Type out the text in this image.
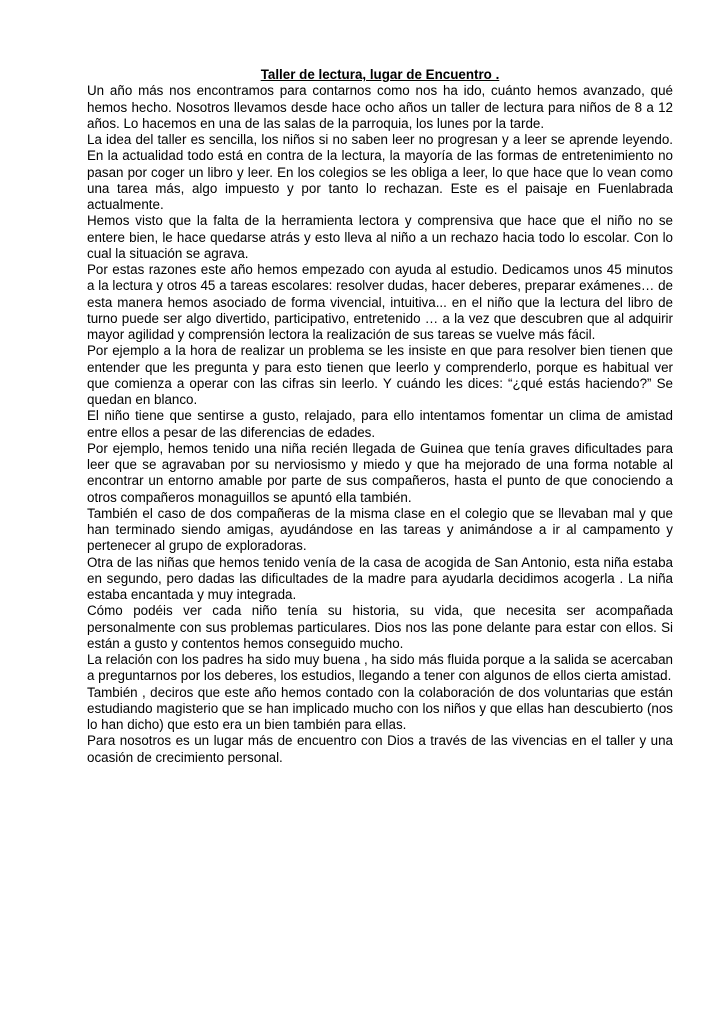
Taller de lectura, lugar de Encuentro .

Un año más nos encontramos para contarnos como nos ha ido, cuánto hemos avanzado, qué hemos hecho. Nosotros llevamos desde hace ocho años un taller de lectura para niños de 8 a 12 años. Lo hacemos en una de las salas de la parroquia, los lunes por la tarde.

La idea del taller es sencilla, los niños si no saben leer no progresan y a leer se aprende leyendo. En la actualidad todo está en contra de la lectura, la mayoría de las formas de entretenimiento no pasan por coger un libro y leer. En los colegios se les obliga a leer, lo que hace que lo vean como una tarea más, algo impuesto y por tanto lo rechazan. Este es el paisaje en Fuenlabrada actualmente.

Hemos visto que la falta de la herramienta lectora y comprensiva que hace que el niño no se entere bien, le hace quedarse atrás y esto lleva al niño a un rechazo hacia todo lo escolar. Con lo cual la situación se agrava.

Por estas razones este año hemos empezado con ayuda al estudio. Dedicamos unos 45 minutos a la lectura y otros 45 a tareas escolares: resolver dudas, hacer deberes, preparar exámenes… de esta manera hemos asociado de forma vivencial, intuitiva... en el niño que la lectura del libro de turno puede ser algo divertido, participativo, entretenido … a la vez que descubren que al adquirir mayor agilidad y comprensión lectora la realización de sus tareas se vuelve más fácil.

Por ejemplo a la hora de realizar un problema se les insiste en que para resolver bien tienen que entender que les pregunta y para esto tienen que leerlo y comprenderlo, porque es habitual ver que comienza a operar con las cifras sin leerlo. Y cuándo les dices: “¿qué estás haciendo?” Se quedan en blanco.

El niño tiene que sentirse a gusto, relajado, para ello intentamos fomentar un clima de amistad entre ellos a pesar de las diferencias de edades.

Por ejemplo, hemos tenido una niña recién llegada de Guinea que tenía graves dificultades para leer que se agravaban por su nerviosismo y miedo y que ha mejorado de una forma notable al encontrar un entorno amable por parte de sus compañeros, hasta el punto de que conociendo a otros compañeros monaguillos se apuntó ella también.

También el caso de dos compañeras de la misma clase en el colegio que se llevaban mal y que han terminado siendo amigas, ayudándose en las tareas y animándose a ir al campamento y pertenecer al grupo de exploradoras.

Otra de las niñas que hemos tenido venía de la casa de acogida de San Antonio, esta niña estaba en segundo, pero dadas las dificultades de la madre para ayudarla decidimos acogerla . La niña estaba encantada y muy integrada.

Cómo podéis ver cada niño tenía su historia, su vida, que necesita ser acompañada personalmente con sus problemas particulares. Dios nos las pone delante para estar con ellos. Si están a gusto y contentos hemos conseguido mucho.

La relación con los padres ha sido muy buena , ha sido más fluida porque a la salida se acercaban a preguntarnos por los deberes, los estudios, llegando a tener con algunos de ellos cierta amistad.

También , deciros que este año hemos contado con la colaboración de dos voluntarias que están estudiando magisterio que se han implicado mucho con los niños y que ellas han descubierto (nos lo han dicho) que esto era un bien también para ellas.

Para nosotros es un lugar más de encuentro con Dios a través de las vivencias en el taller y una ocasión de crecimiento personal.
